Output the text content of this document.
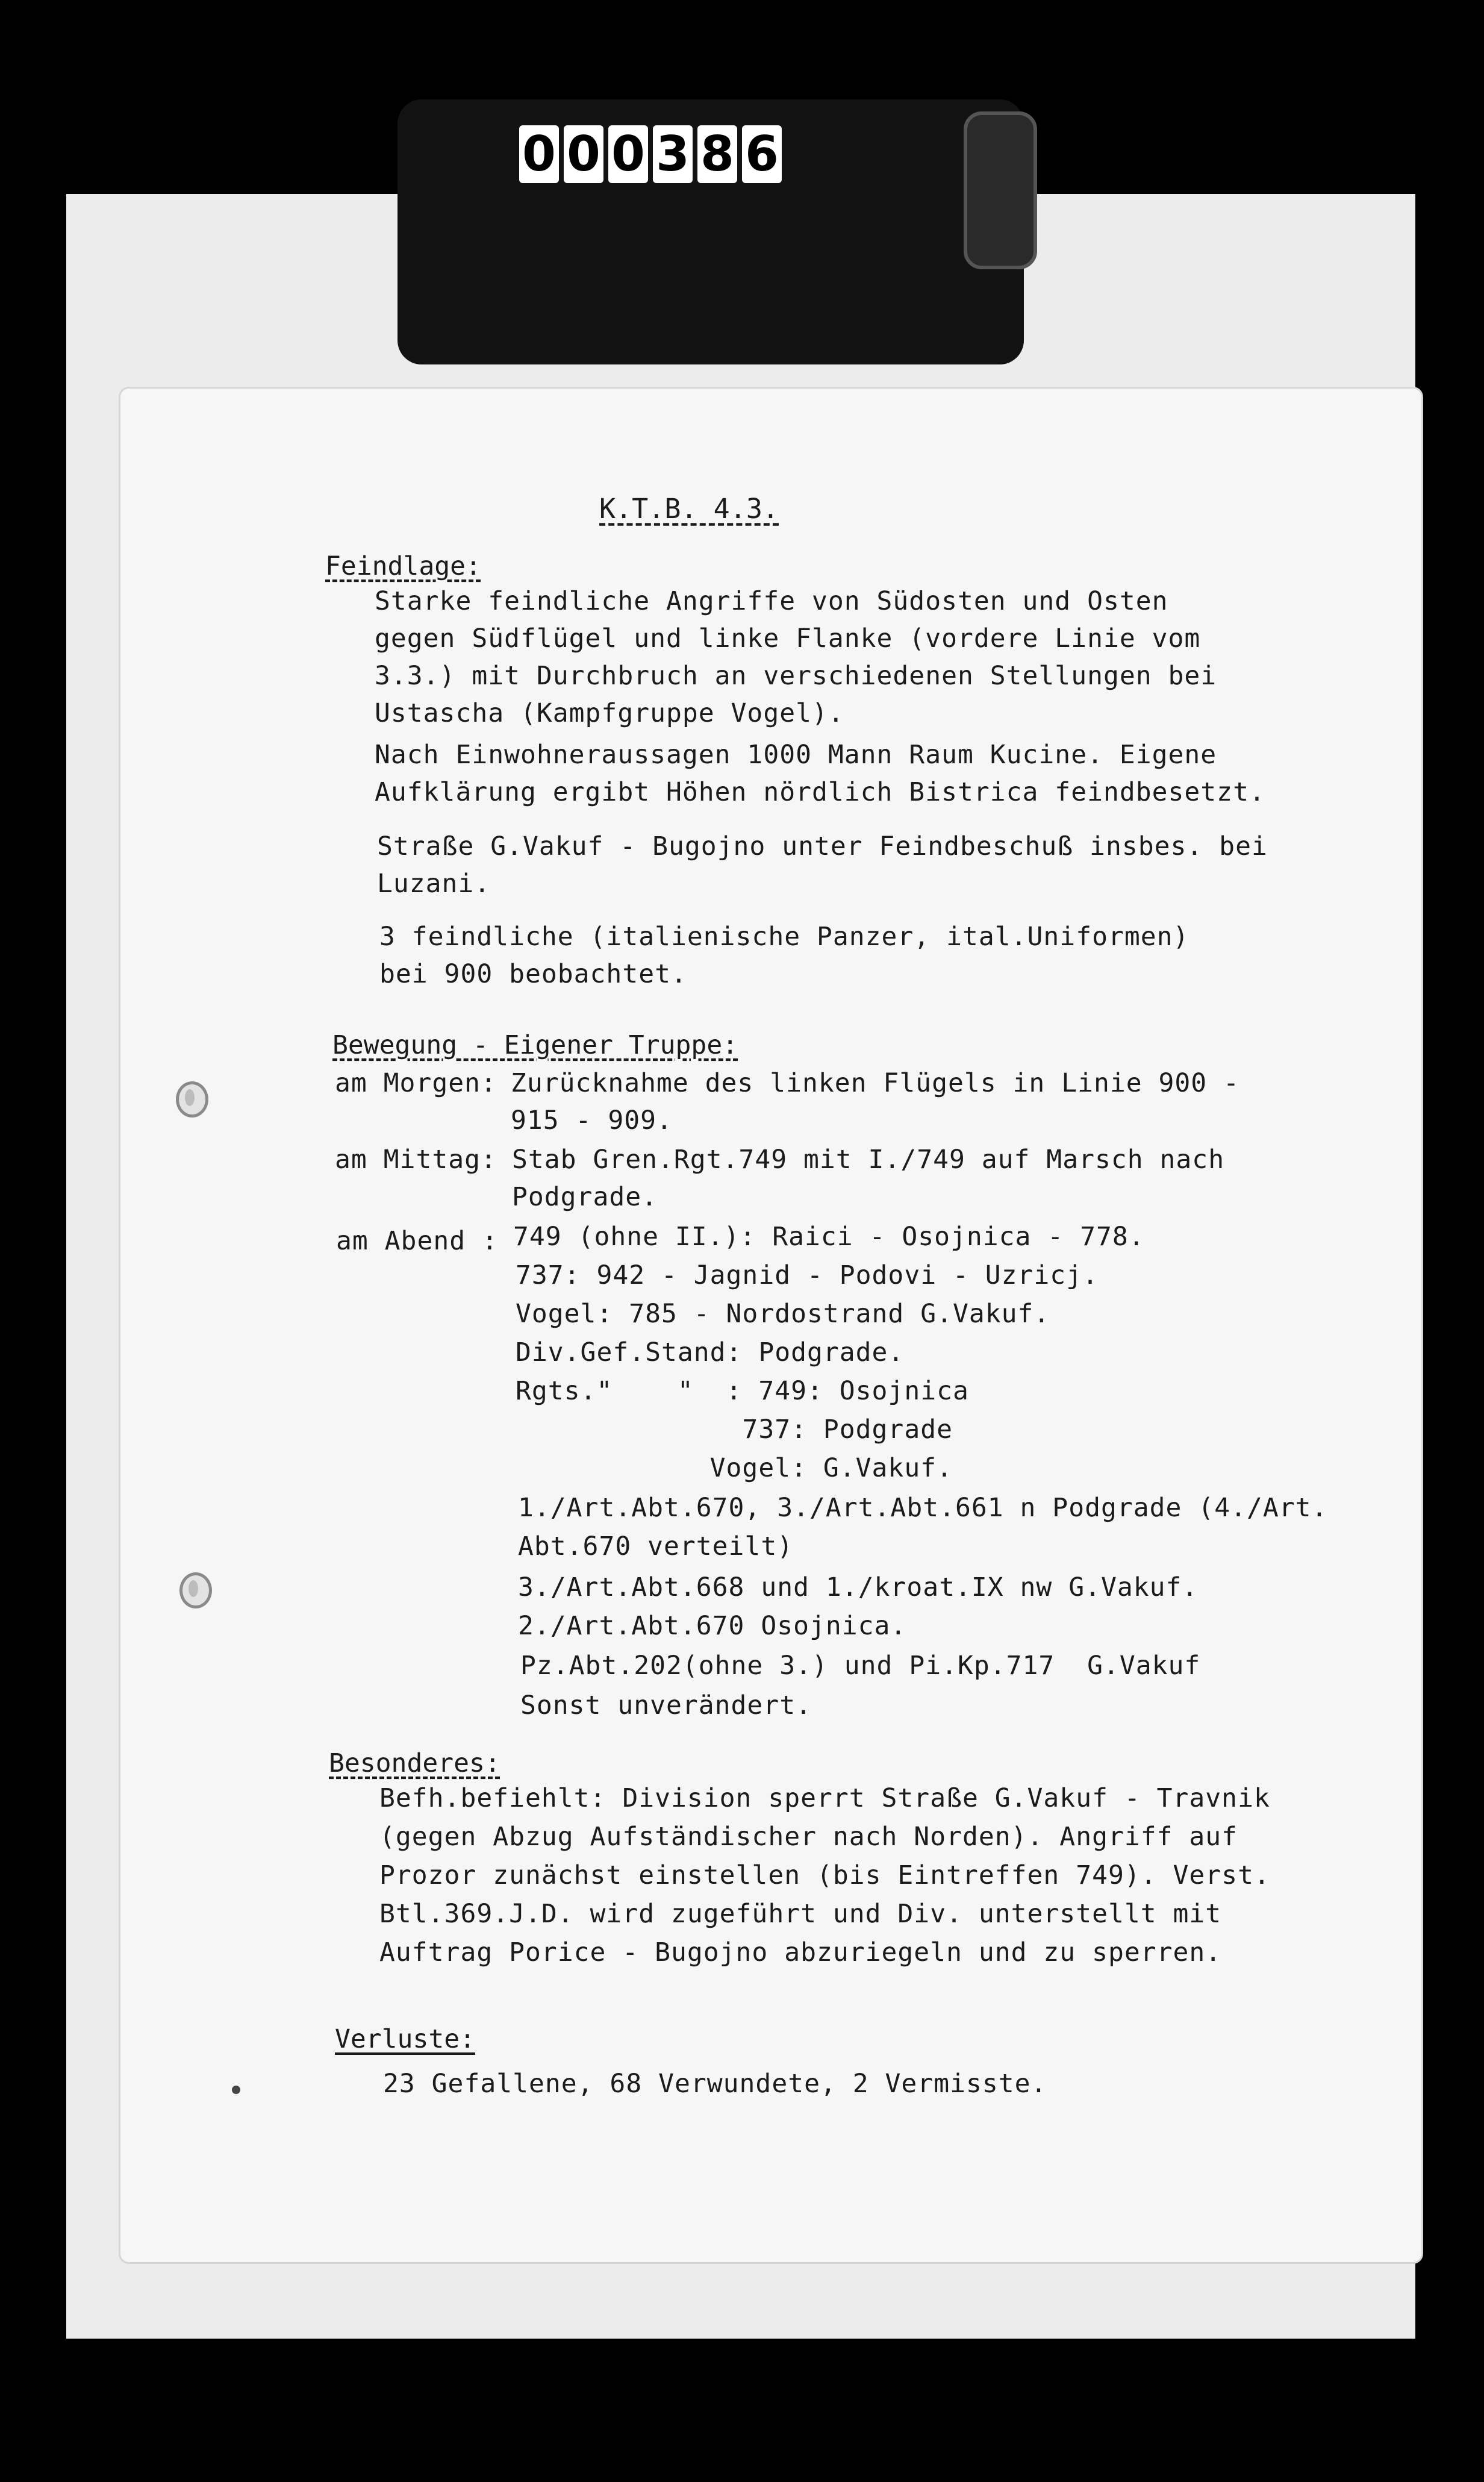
0 0 0 3 8 6
K.T.B. 4.3.
Feindlage:
Starke feindliche Angriffe von Südosten und Osten
gegen Südflügel und linke Flanke (vordere Linie vom
3.3.) mit Durchbruch an verschiedenen Stellungen bei
Ustascha (Kampfgruppe Vogel).
Nach Einwohneraussagen 1000 Mann Raum Kucine. Eigene
Aufklärung ergibt Höhen nördlich Bistrica feindbesetzt.
Straße G.Vakuf - Bugojno unter Feindbeschuß insbes. bei
Luzani.
3 feindliche (italienische Panzer, ital.Uniformen)
bei 900 beobachtet.
Bewegung - Eigener Truppe:
am Morgen: Zurücknahme des linken Flügels in Linie 900 -
915 - 909.
am Mittag: Stab Gren.Rgt.749 mit I./749 auf Marsch nach
Podgrade.
am Abend : 749 (ohne II.): Raici - Osojnica - 778.
737: 942 - Jagnid - Podovi - Uzricj.
Vogel: 785 - Nordostrand G.Vakuf.
Div.Gef.Stand: Podgrade.
Rgts."    "  : 749: Osojnica
737: Podgrade
Vogel: G.Vakuf.
1./Art.Abt.670, 3./Art.Abt.661 n Podgrade (4./Art.
Abt.670 verteilt)
3./Art.Abt.668 und 1./kroat.IX nw G.Vakuf.
2./Art.Abt.670 Osojnica.
Pz.Abt.202(ohne 3.) und Pi.Kp.717  G.Vakuf
Sonst unverändert.
Besonderes:
Befh.befiehlt: Division sperrt Straße G.Vakuf - Travnik
(gegen Abzug Aufständischer nach Norden). Angriff auf
Prozor zunächst einstellen (bis Eintreffen 749). Verst.
Btl.369.J.D. wird zugeführt und Div. unterstellt mit
Auftrag Porice - Bugojno abzuriegeln und zu sperren.
Verluste:
23 Gefallene, 68 Verwundete, 2 Vermisste.
